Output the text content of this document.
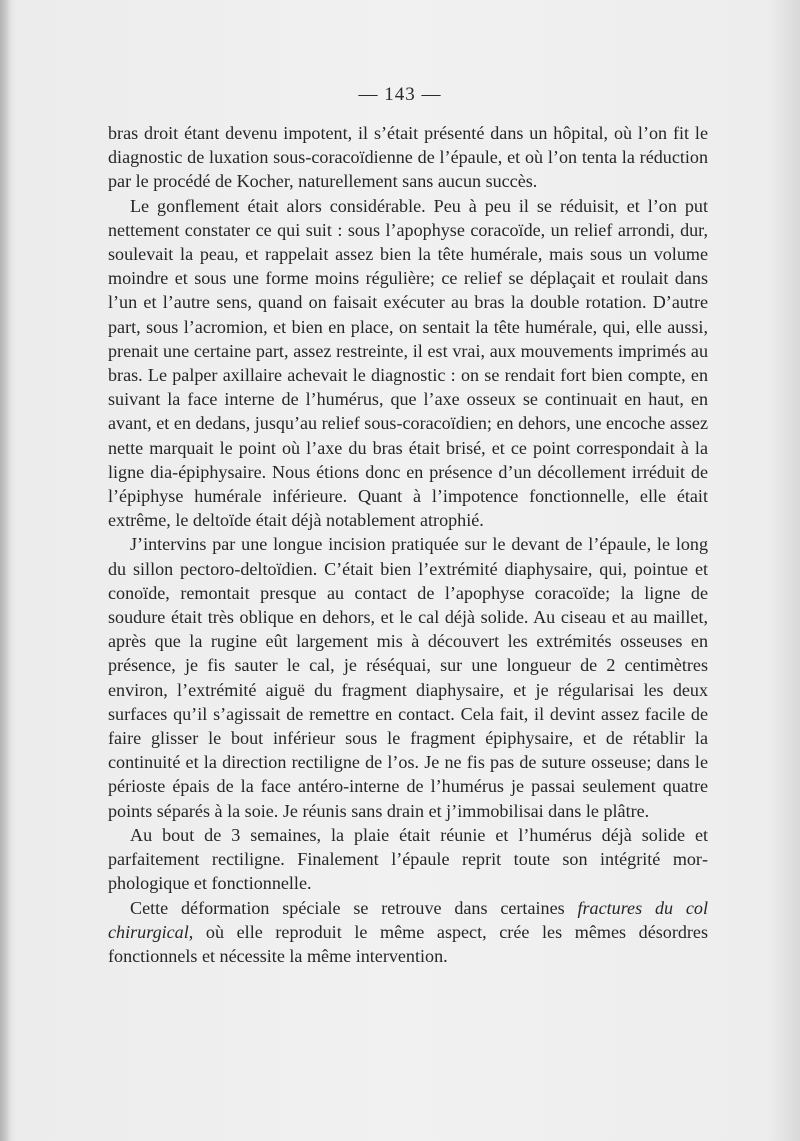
— 143 —

bras droit étant devenu impotent, il s’était présenté dans un hôpital, où l’on fit le diagnostic de luxation sous-coracoïdienne de l’épaule, et où l’on tenta la réduction par le procédé de Kocher, naturellement sans aucun succès.

Le gonflement était alors considérable. Peu à peu il se réduisit, et l’on put nettement constater ce qui suit : sous l’apophyse coracoïde, un relief arrondi, dur, soulevait la peau, et rappelait assez bien la tête humérale, mais sous un volume moindre et sous une forme moins régulière; ce relief se déplaçait et roulait dans l’un et l’autre sens, quand on faisait exécuter au bras la double rotation. D’autre part, sous l’acromion, et bien en place, on sentait la tête humérale, qui, elle aussi, prenait une certaine part, assez restreinte, il est vrai, aux mouvements imprimés au bras. Le palper axillaire achevait le diagnostic : on se rendait fort bien compte, en suivant la face interne de l’humérus, que l’axe osseux se continuait en haut, en avant, et en dedans, jusqu’au relief sous-coracoïdien; en dehors, une encoche assez nette marquait le point où l’axe du bras était brisé, et ce point correspondait à la ligne dia-épiphysaire. Nous étions donc en présence d’un décollement irréduit de l’épiphyse humérale inférieure. Quant à l’impotence fonctionnelle, elle était extrême, le deltoïde était déjà notablement atrophié.

J’intervins par une longue incision pratiquée sur le devant de l’épaule, le long du sillon pectoro-deltoïdien. C’était bien l’extrémité diaphysaire, qui, pointue et conoïde, remontait presque au contact de l’apophyse coracoïde; la ligne de soudure était très oblique en dehors, et le cal déjà solide. Au ciseau et au maillet, après que la rugine eût largement mis à découvert les extrémités osseuses en présence, je fis sauter le cal, je réséquai, sur une longueur de 2 centimètres environ, l’extrémité aiguë du fragment diaphysaire, et je régularisai les deux surfaces qu’il s’agissait de remettre en contact. Cela fait, il devint assez facile de faire glisser le bout inférieur sous le fragment épiphysaire, et de rétablir la continuité et la direction rectiligne de l’os. Je ne fis pas de suture osseuse; dans le périoste épais de la face antéro-interne de l’humérus je passai seulement quatre points séparés à la soie. Je réunis sans drain et j’immobilisai dans le plâtre.

Au bout de 3 semaines, la plaie était réunie et l’humérus déjà solide et parfaitement rectiligne. Finalement l’épaule reprit toute son intégrité morphologique et fonctionnelle.

Cette déformation spéciale se retrouve dans certaines fractures du col chirurgical, où elle reproduit le même aspect, crée les mêmes désordres fonctionnels et nécessite la même intervention.
